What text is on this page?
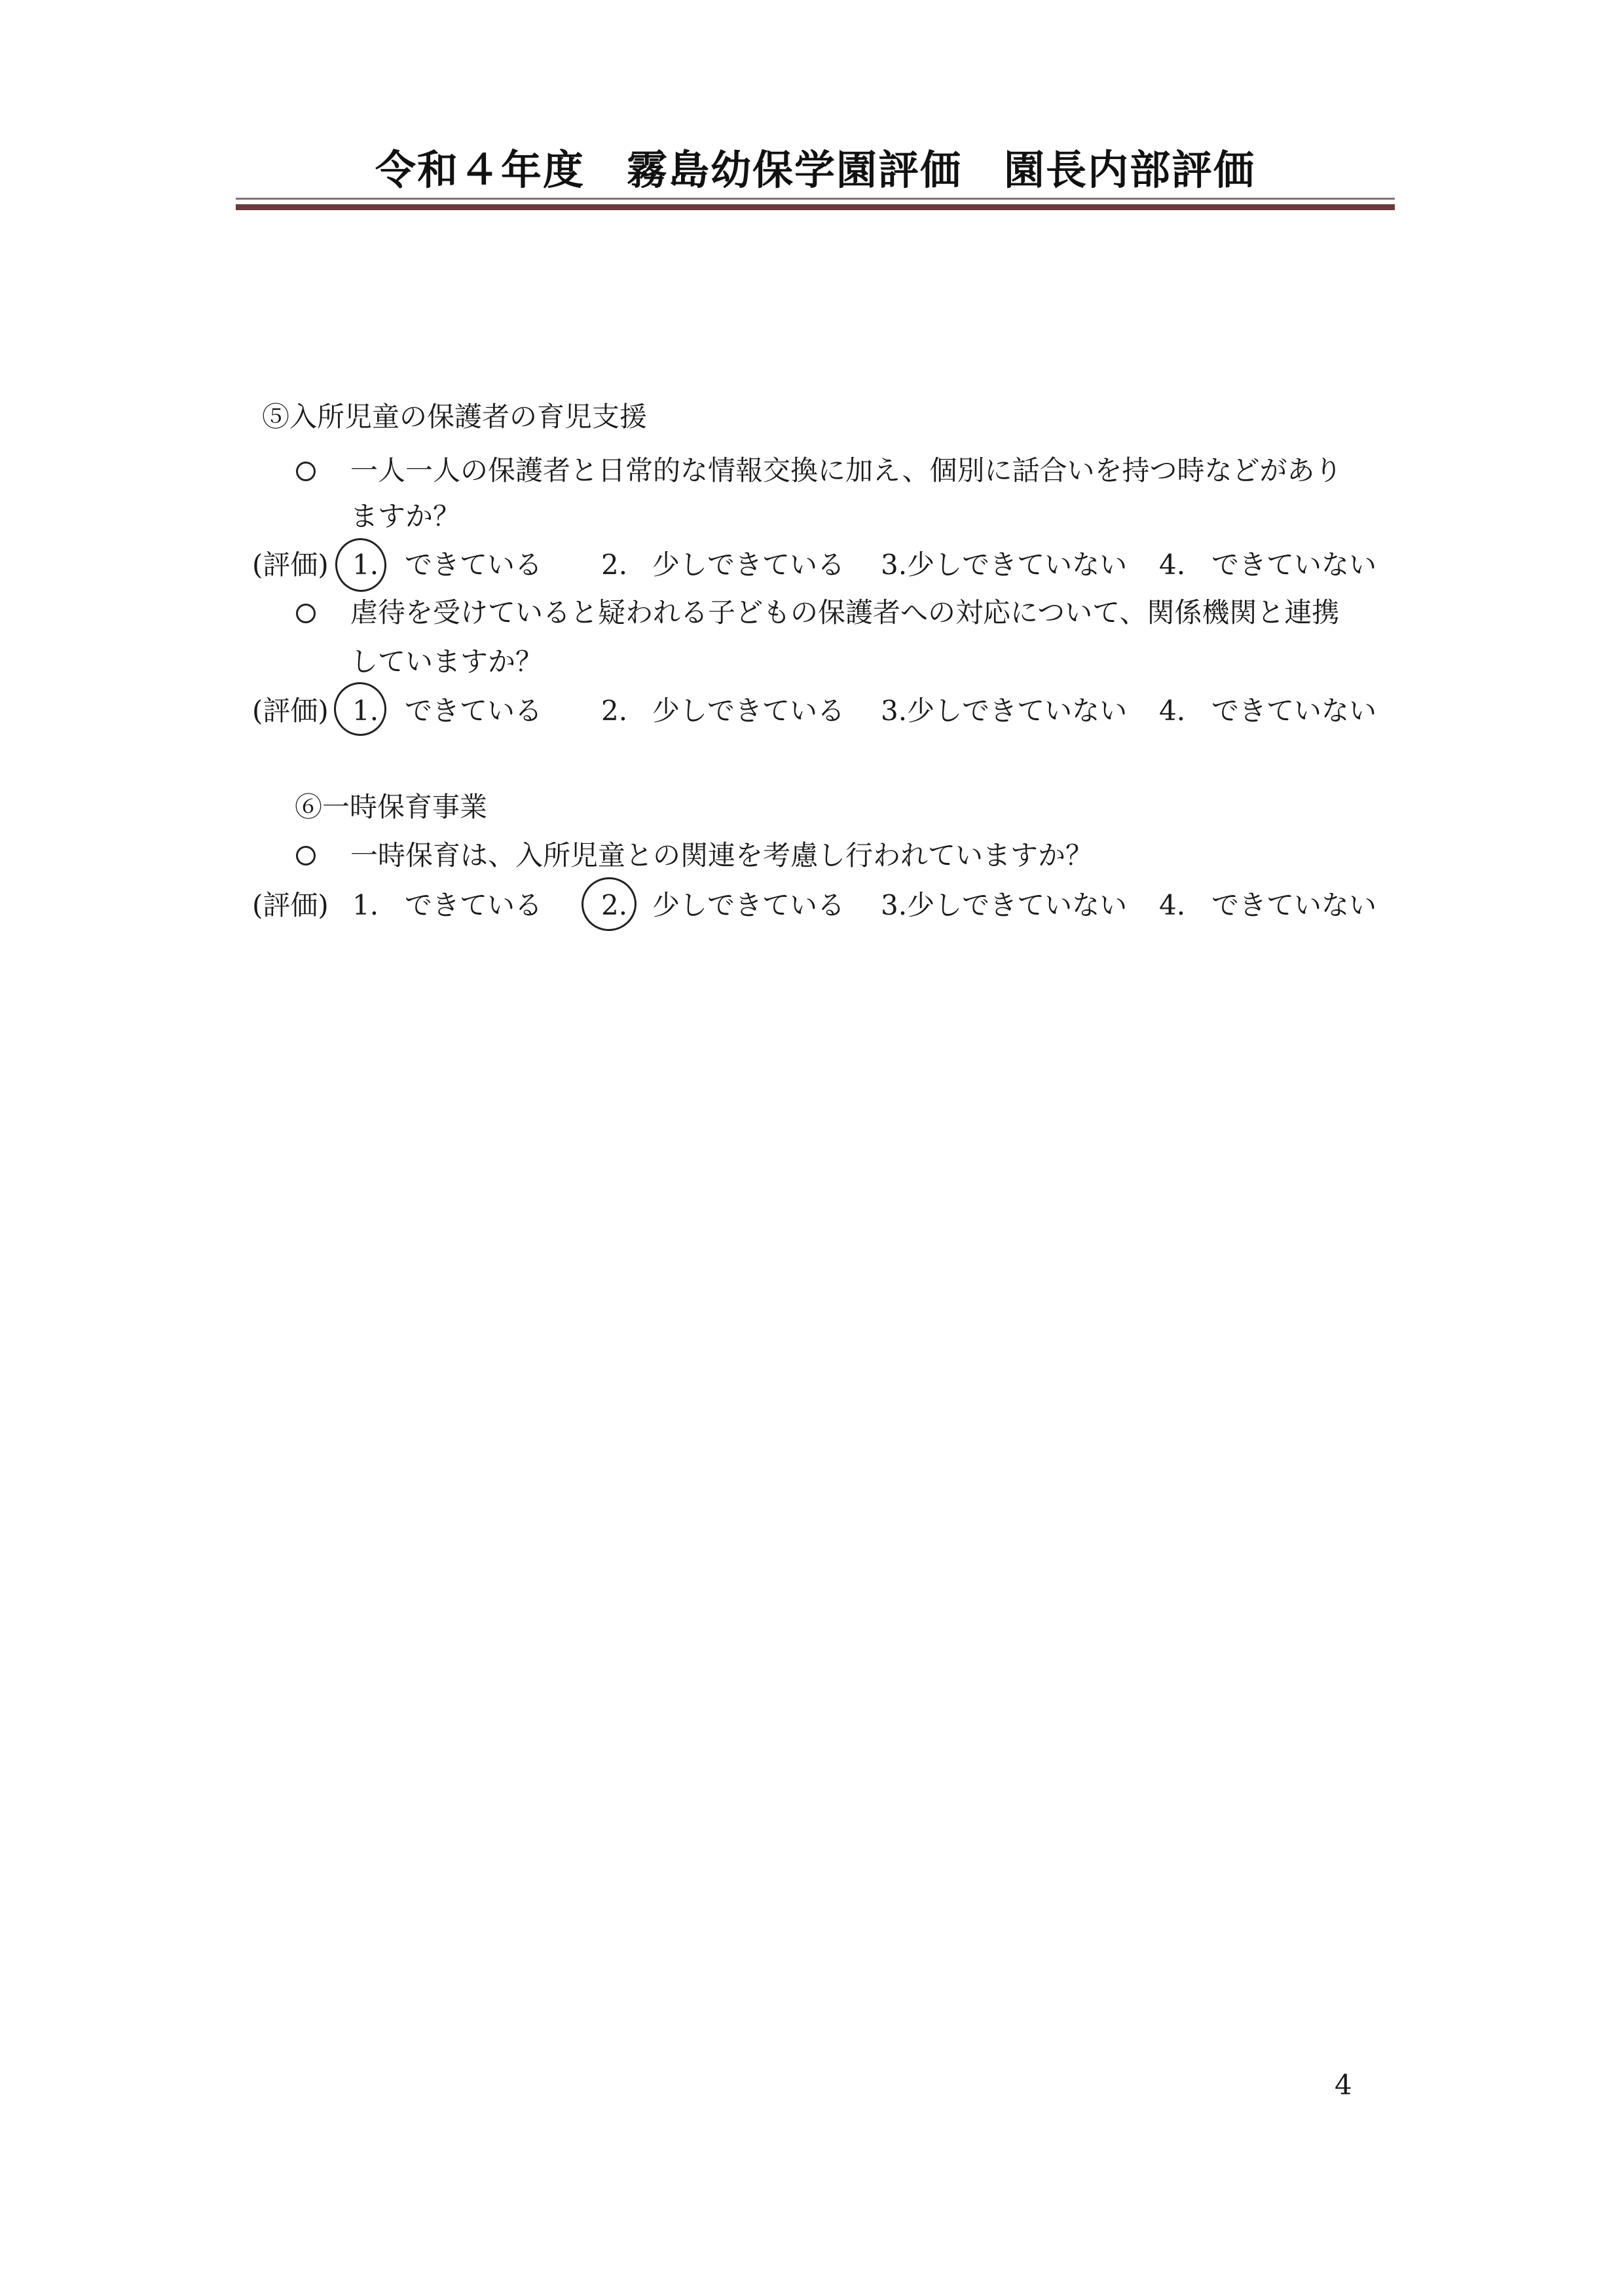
令和４年度　霧島幼保学園評価　園長内部評価
⑤入所児童の保護者の育児支援
一人一人の保護者と日常的な情報交換に加え、個別に話合いを持つ時などがあり
ますか？
(評価) 1. できている 2. 少しできている 3.少しできていない 4. できていない
虐待を受けていると疑われる子どもの保護者への対応について、関係機関と連携
していますか？
(評価) 1. できている 2. 少しできている 3.少しできていない 4. できていない
⑥一時保育事業
一時保育は、入所児童との関連を考慮し行われていますか？
(評価) 1. できている 2. 少しできている 3.少しできていない 4. できていない
4
